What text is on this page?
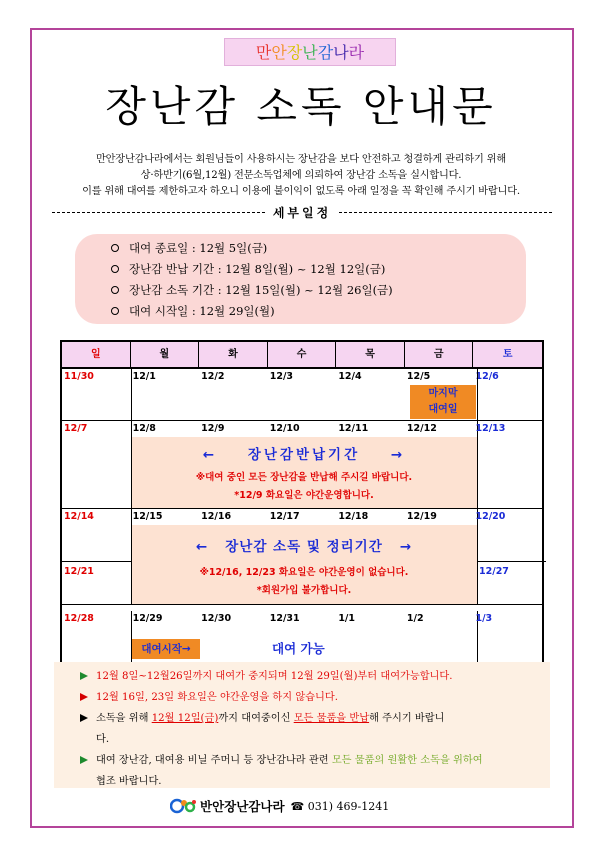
만안장난감나라
장난감 소독 안내문
만안장난감나라에서는 회원님들이 사용하시는 장난감을 보다 안전하고 청결하게 관리하기 위해
상·하반기(6월,12월) 전문소독업체에 의뢰하여 장난감 소독을 실시합니다.
이를 위해 대여를 제한하고자 하오니 이용에 불이익이 없도록 아래 일정을 꼭 확인해 주시기 바랍니다.
세부일정
대여 종료일 : 12월 5일(금)
장난감 반납 기간 : 12월 8일(월) ~ 12월 12일(금)
장난감 소독 기간 : 12월 15일(월) ~ 12월 26일(금)
대여 시작일 : 12월 29일(월)
일	월	화	수	목	금	토
11/30	12/1	12/2	12/3	12/4	12/5	12/6
마지막
대여일
12/7	12/8	12/9	12/10	12/11	12/12	12/13
←    장난감반납기간    →
※대여 중인 모든 장난감을 반납해 주시길 바랍니다.
*12/9 화요일은 야간운영합니다.
12/14	12/15	12/16	12/17	12/18	12/19	12/20
12/21	12/27
←   장난감 소독 및 정리기간   →
※12/16, 12/23 화요일은 야간운영이 없습니다.
*회원가입 불가합니다.
12/28	12/29	12/30	12/31	1/1	1/2	1/3
대여시작→	대여 가능
12월 8일~12월26일까지 대여가 중지되며 12월 29일(월)부터 대여가능합니다.
12월 16일, 23일 화요일은 야간운영을 하지 않습니다.
소독을 위해 12월 12일(금)까지 대여중이신 모든 물품을 반납해 주시기 바랍니
다.
대여 장난감, 대여용 비닐 주머니 등 장난감나라 관련 모든 물품의 원활한 소독을 위하여
협조 바랍니다.
반안장난감나라 ☎ 031) 469-1241
